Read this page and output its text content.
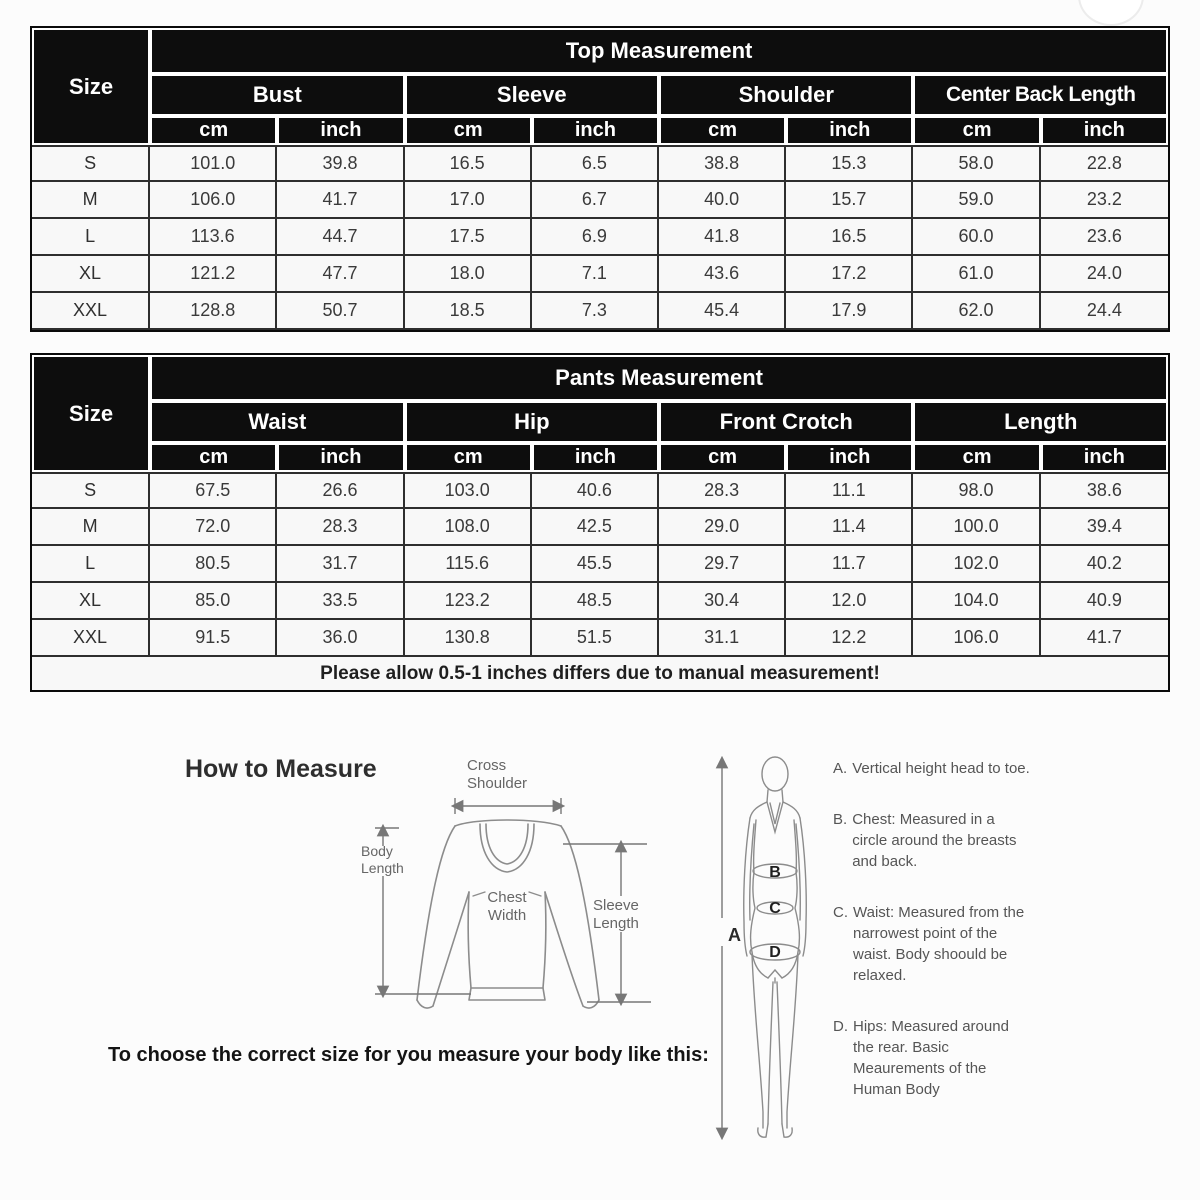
Size	Top Measurement							
	Bust		Sleeve		Shoulder		Center Back Length	
	cm	inch	cm	inch	cm	inch	cm	inch
S	101.0	39.8	16.5	6.5	38.8	15.3	58.0	22.8
M	106.0	41.7	17.0	6.7	40.0	15.7	59.0	23.2
L	113.6	44.7	17.5	6.9	41.8	16.5	60.0	23.6
XL	121.2	47.7	18.0	7.1	43.6	17.2	61.0	24.0
XXL	128.8	50.7	18.5	7.3	45.4	17.9	62.0	24.4
Size	Pants Measurement							
	Waist		Hip		Front Crotch		Length	
	cm	inch	cm	inch	cm	inch	cm	inch
S	67.5	26.6	103.0	40.6	28.3	11.1	98.0	38.6
M	72.0	28.3	108.0	42.5	29.0	11.4	100.0	39.4
L	80.5	31.7	115.6	45.5	29.7	11.7	102.0	40.2
XL	85.0	33.5	123.2	48.5	30.4	12.0	104.0	40.9
XXL	91.5	36.0	130.8	51.5	31.1	12.2	106.0	41.7
Please allow 0.5-1 inches differs due to manual measurement!								
How to Measure	Cross
Shoulder
Body
Length
Chest
Width
Sleeve
Length
A
B
C
D
A. Vertical height head to toe.
B. Chest: Measured in a circle around the breasts and back.
C. Waist: Measured from the narrowest point of the waist. Body shoould be relaxed.
D. Hips: Measured around the rear. Basic Meaurements of the Human Body
To choose the correct size for you measure your body like this:
